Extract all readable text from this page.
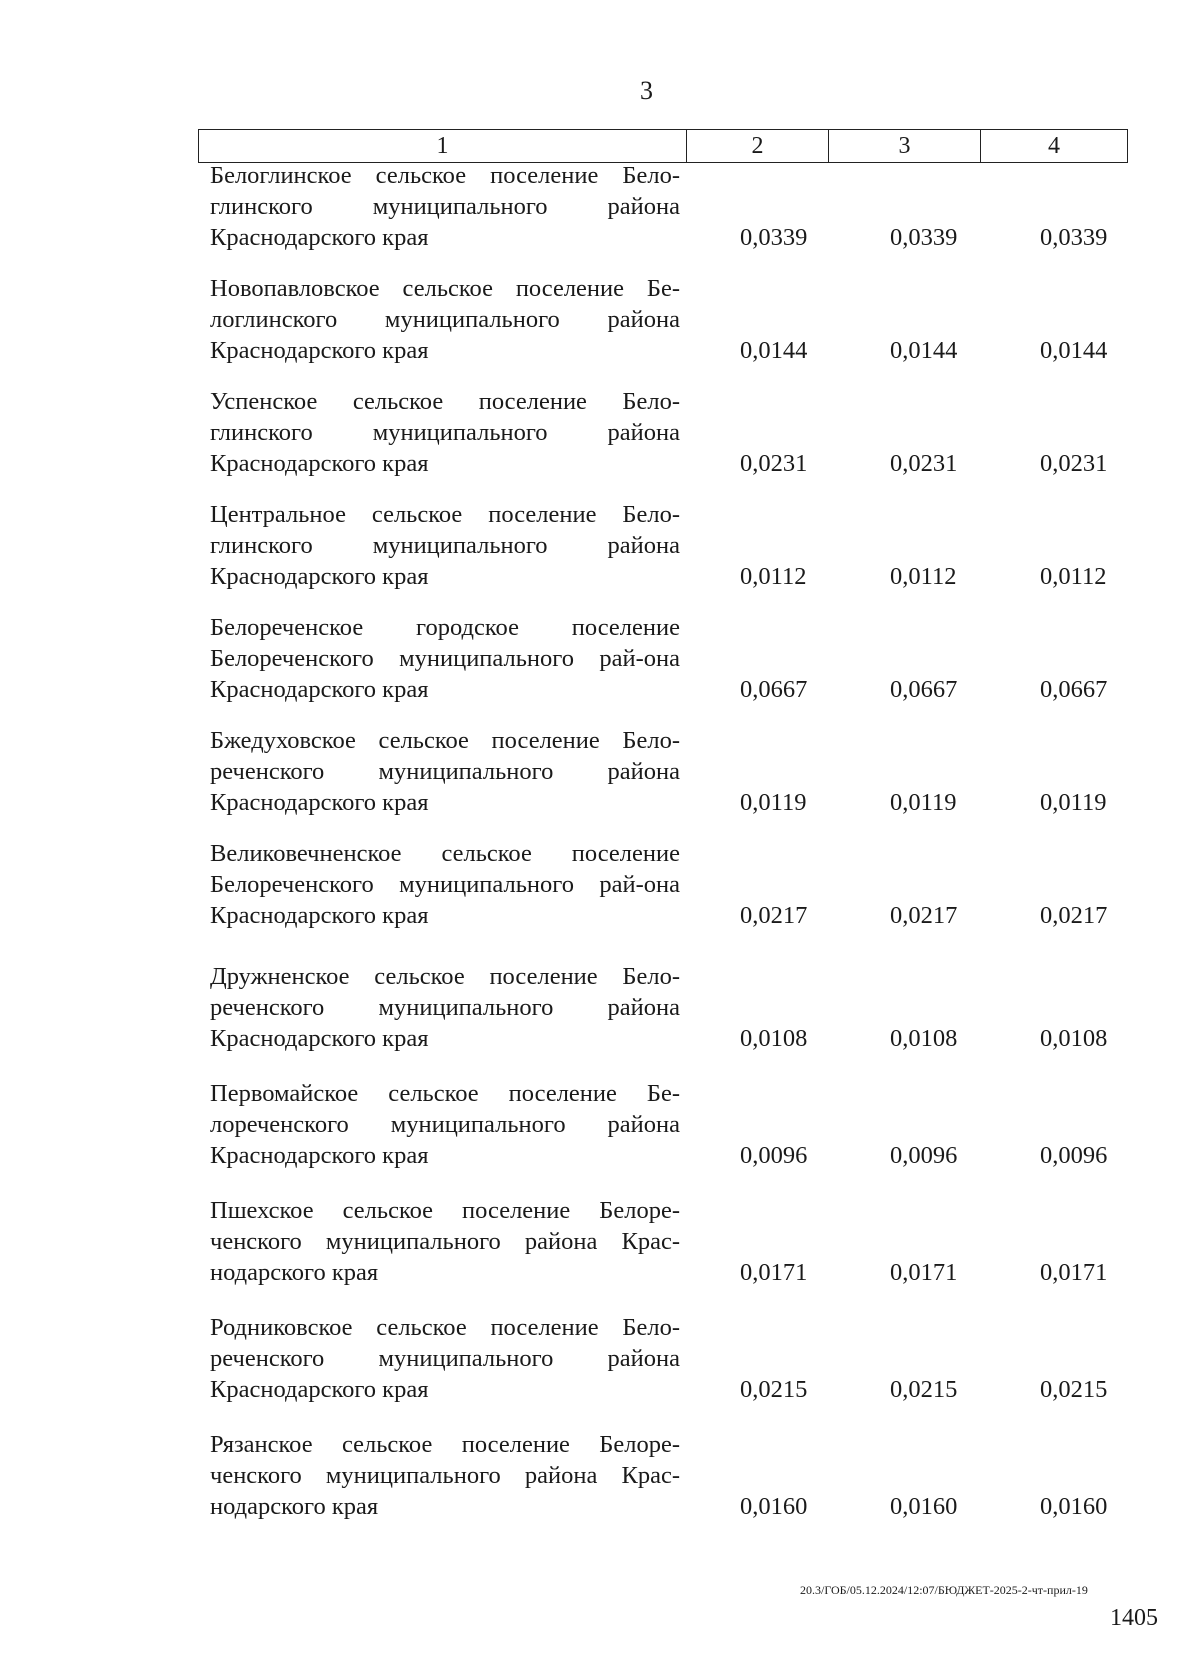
3
1	2	3	4
Белоглинское сельское поселение Бело-глинского муниципального района Краснодарского края	0,0339	0,0339	0,0339
Новопавловское сельское поселение Бе-логлинского муниципального района Краснодарского края	0,0144	0,0144	0,0144
Успенское сельское поселение Бело-глинского муниципального района Краснодарского края	0,0231	0,0231	0,0231
Центральное сельское поселение Бело-глинского муниципального района Краснодарского края	0,0112	0,0112	0,0112
Белореченское городское поселение Белореченского муниципального рай-она Краснодарского края	0,0667	0,0667	0,0667
Бжедуховское сельское поселение Бело-реченского муниципального района Краснодарского края	0,0119	0,0119	0,0119
Великовечненское сельское поселение Белореченского муниципального рай-она Краснодарского края	0,0217	0,0217	0,0217
Дружненское сельское поселение Бело-реченского муниципального района Краснодарского края	0,0108	0,0108	0,0108
Первомайское сельское поселение Бе-лореченского муниципального района Краснодарского края	0,0096	0,0096	0,0096
Пшехское сельское поселение Белоре-ченского муниципального района Крас-нодарского края	0,0171	0,0171	0,0171
Родниковское сельское поселение Бело-реченского муниципального района Краснодарского края	0,0215	0,0215	0,0215
Рязанское сельское поселение Белоре-ченского муниципального района Крас-нодарского края	0,0160	0,0160	0,0160
20.3/ГОБ/05.12.2024/12:07/БЮДЖЕТ-2025-2-чт-прил-19
1405
